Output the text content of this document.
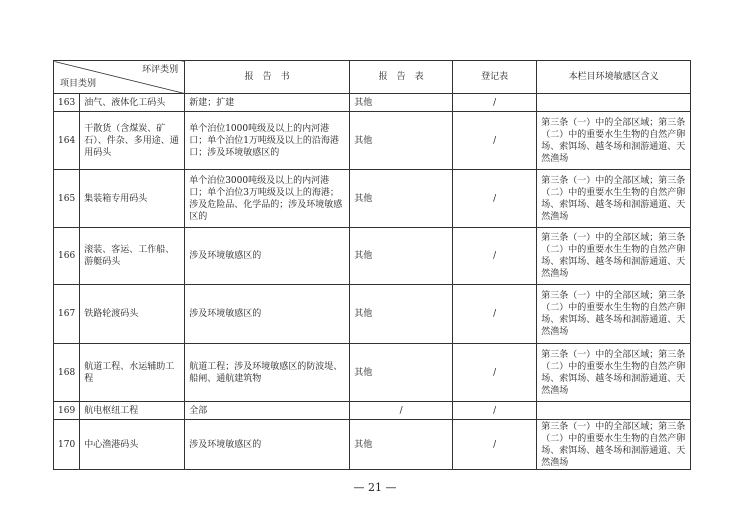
环评类别
项目类别		报　告　书	报　告　表	登记表	本栏目环境敏感区含义
163	油气、液体化工码头	新建；扩建	其他	/	
164	干散货（含煤炭、矿石）、件杂、多用途、通用码头	单个泊位1000吨级及以上的内河港口；单个泊位1万吨级及以上的沿海港口；涉及环境敏感区的	其他	/	第三条（一）中的全部区域；第三条（二）中的重要水生生物的自然产卵场、索饵场、越冬场和洄游通道、天然渔场
165	集装箱专用码头	单个泊位3000吨级及以上的内河港口；单个泊位3万吨级及以上的海港；涉及危险品、化学品的；涉及环境敏感区的	其他	/	第三条（一）中的全部区域；第三条（二）中的重要水生生物的自然产卵场、索饵场、越冬场和洄游通道、天然渔场
166	滚装、客运、工作船、游艇码头	涉及环境敏感区的	其他	/	第三条（一）中的全部区域；第三条（二）中的重要水生生物的自然产卵场、索饵场、越冬场和洄游通道、天然渔场
167	铁路轮渡码头	涉及环境敏感区的	其他	/	第三条（一）中的全部区域；第三条（二）中的重要水生生物的自然产卵场、索饵场、越冬场和洄游通道、天然渔场
168	航道工程、水运辅助工程	航道工程；涉及环境敏感区的防波堤、船闸、通航建筑物	其他	/	第三条（一）中的全部区域；第三条（二）中的重要水生生物的自然产卵场、索饵场、越冬场和洄游通道、天然渔场
169	航电枢纽工程	全部	/	/	
170	中心渔港码头	涉及环境敏感区的	其他	/	第三条（一）中的全部区域；第三条（二）中的重要水生生物的自然产卵场、索饵场、越冬场和洄游通道、天然渔场
— 21 —
